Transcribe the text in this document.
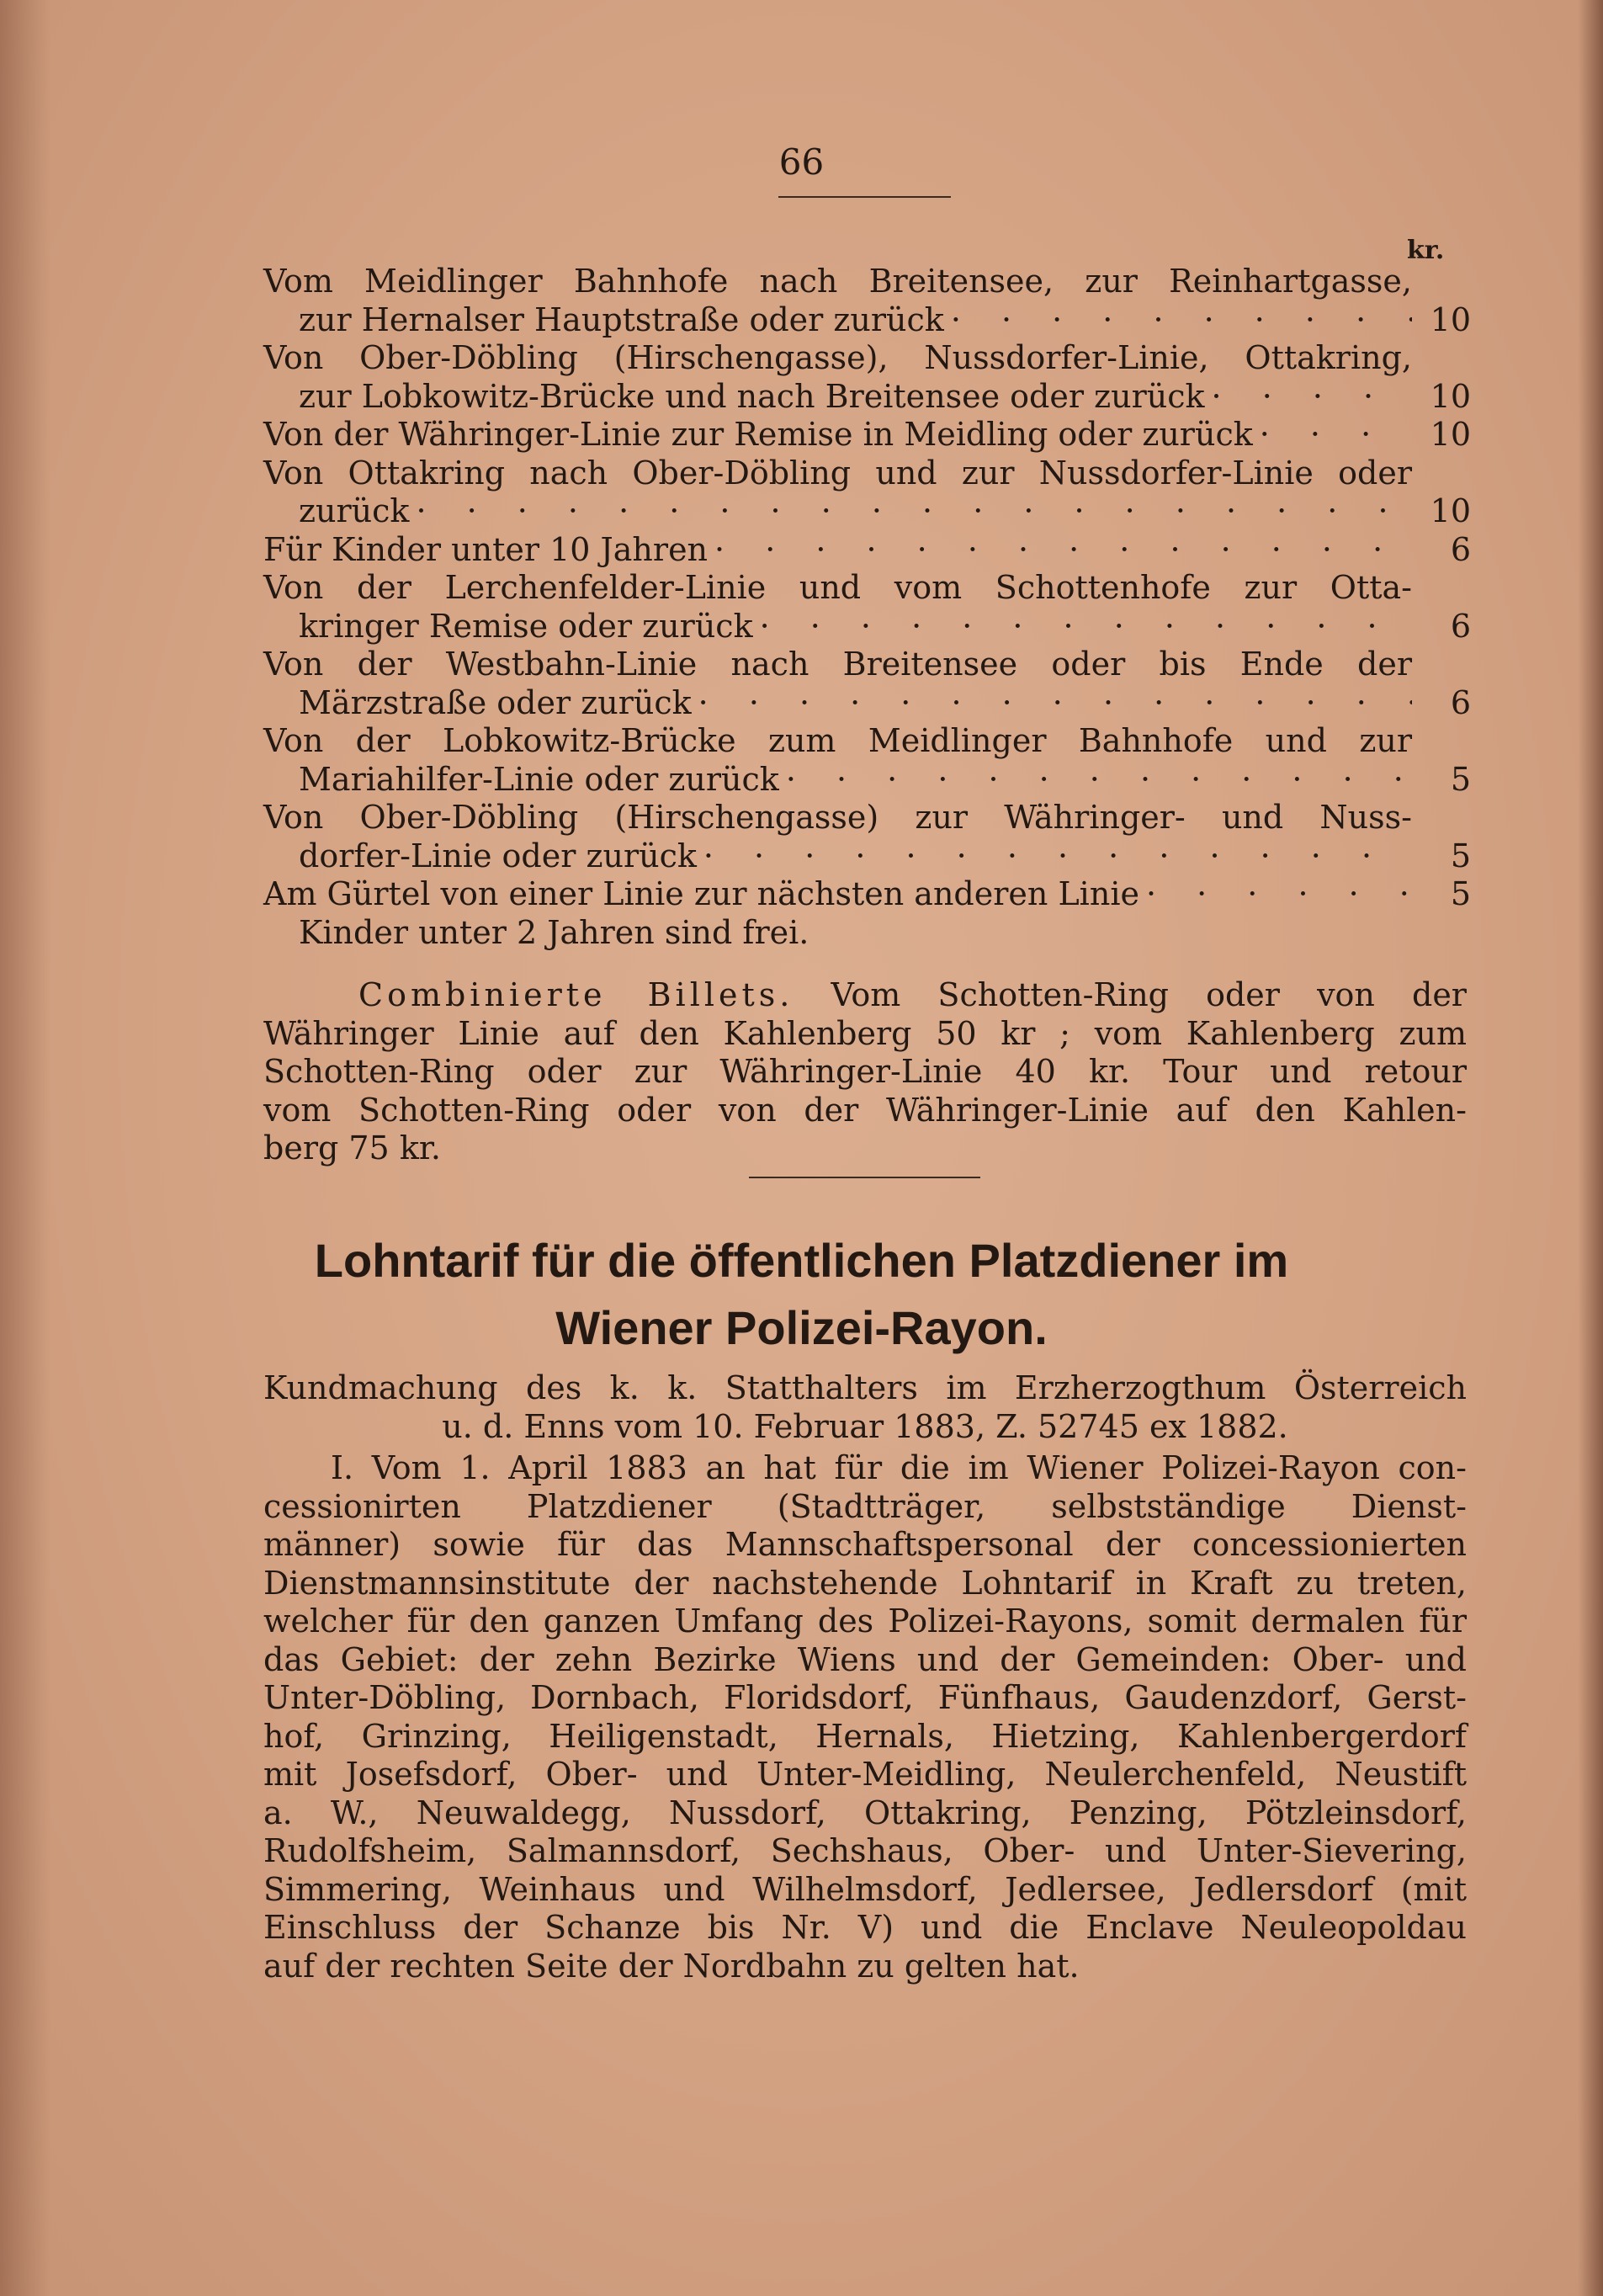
66
kr.
Vom Meidlinger Bahnhofe nach Breitensee, zur Reinhartgasse,
zur Hernalser Hauptstraße oder zurück · · ·	10
Von Ober-Döbling (Hirschengasse), Nussdorfer-Linie, Ottakring,
zur Lobkowitz-Brücke und nach Breitensee oder zurück · · ·	10
Von der Währinger-Linie zur Remise in Meidling oder zurück · · ·	10
Von Ottakring nach Ober-Döbling und zur Nussdorfer-Linie oder
zurück · · ·	10
Für Kinder unter 10 Jahren · · ·	6
Von der Lerchenfelder-Linie und vom Schottenhofe zur Otta-
kringer Remise oder zurück · · ·	6
Von der Westbahn-Linie nach Breitensee oder bis Ende der
Märzstraße oder zurück · · ·	6
Von der Lobkowitz-Brücke zum Meidlinger Bahnhofe und zur
Mariahilfer-Linie oder zurück · · ·	5
Von Ober-Döbling (Hirschengasse) zur Währinger- und Nuss-
dorfer-Linie oder zurück · · ·	5
Am Gürtel von einer Linie zur nächsten anderen Linie · · ·	5
Kinder unter 2 Jahren sind frei.
Combinierte Billets. Vom Schotten-Ring oder von der
Währinger Linie auf den Kahlenberg 50 kr ; vom Kahlenberg zum
Schotten-Ring oder zur Währinger-Linie 40 kr. Tour und retour
vom Schotten-Ring oder von der Währinger-Linie auf den Kahlen-
berg 75 kr.
Lohntarif für die öffentlichen Platzdiener im
Wiener Polizei-Rayon.
Kundmachung des k. k. Statthalters im Erzherzogthum Österreich
u. d. Enns vom 10. Februar 1883, Z. 52745 ex 1882.
I. Vom 1. April 1883 an hat für die im Wiener Polizei-Rayon con-
cessionirten Platzdiener (Stadtträger, selbstständige Dienst-
männer) sowie für das Mannschaftspersonal der concessionierten
Dienstmannsinstitute der nachstehende Lohntarif in Kraft zu treten,
welcher für den ganzen Umfang des Polizei-Rayons, somit dermalen für
das Gebiet: der zehn Bezirke Wiens und der Gemeinden: Ober- und
Unter-Döbling, Dornbach, Floridsdorf, Fünfhaus, Gaudenzdorf, Gerst-
hof, Grinzing, Heiligenstadt, Hernals, Hietzing, Kahlenbergerdorf
mit Josefsdorf, Ober- und Unter-Meidling, Neulerchenfeld, Neustift
a. W., Neuwaldegg, Nussdorf, Ottakring, Penzing, Pötzleinsdorf,
Rudolfsheim, Salmannsdorf, Sechshaus, Ober- und Unter-Sievering,
Simmering, Weinhaus und Wilhelmsdorf, Jedlersee, Jedlersdorf (mit
Einschluss der Schanze bis Nr. V) und die Enclave Neuleopoldau
auf der rechten Seite der Nordbahn zu gelten hat.
